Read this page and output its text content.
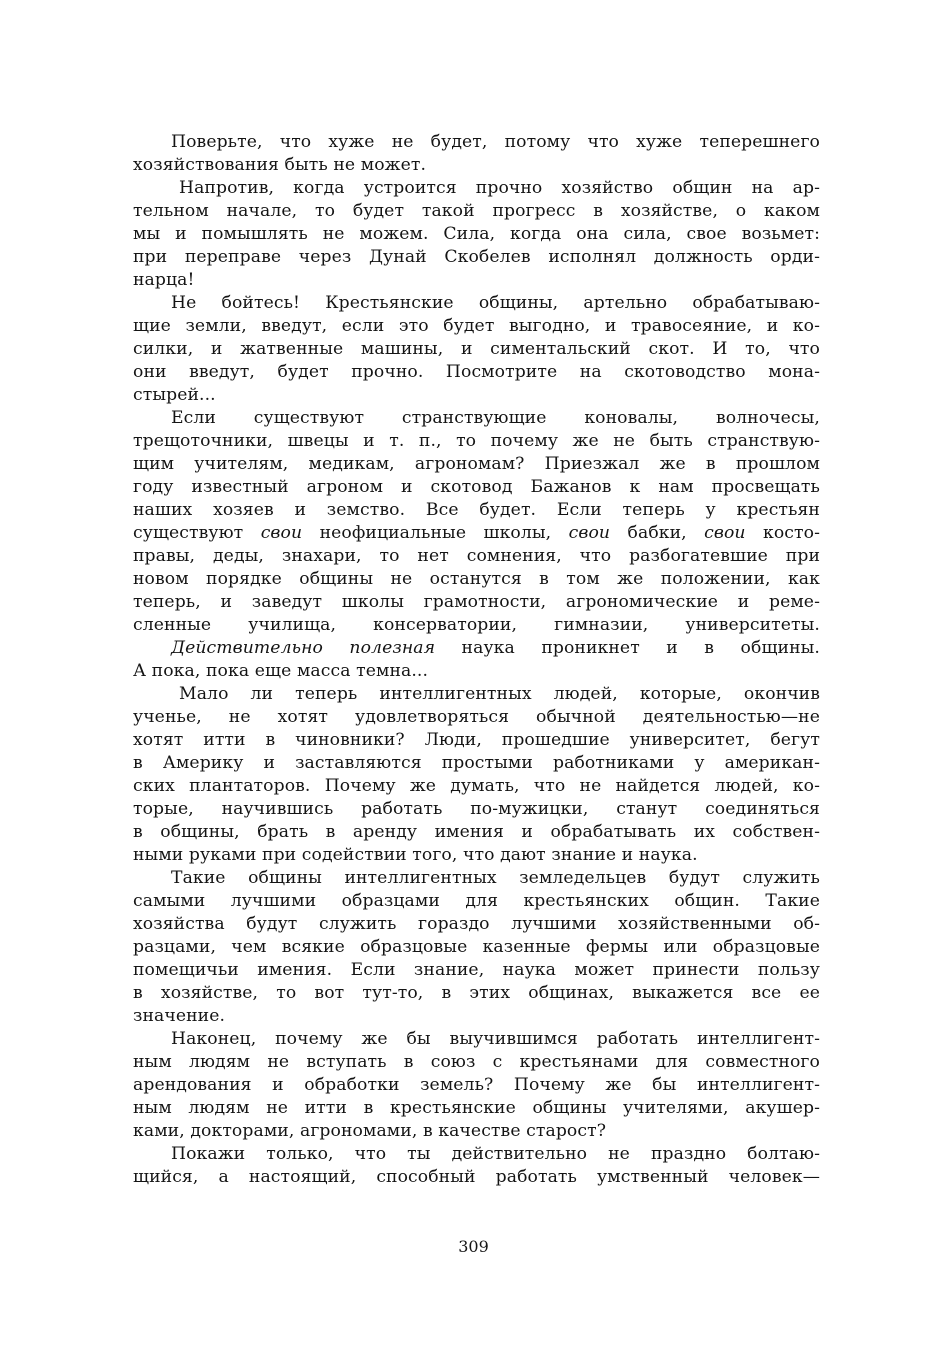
Поверьте, что хуже не будет, потому что хуже теперешнего
хозяйствования быть не может.
Напротив, когда устроится прочно хозяйство общин на ар-
тельном начале, то будет такой прогресс в хозяйстве, о каком
мы и помышлять не можем. Сила, когда она сила, свое возьмет:
при переправе через Дунай Скобелев исполнял должность орди-
нарца!
Не бойтесь! Крестьянские общины, артельно обрабатываю-
щие земли, введут, если это будет выгодно, и травосеяние, и ко-
силки, и жатвенные машины, и симентальский скот. И то, что
они введут, будет прочно. Посмотрите на скотоводство мона-
стырей...
Если существуют странствующие коновалы, волночесы,
трещоточники, швецы и т. п., то почему же не быть странствую-
щим учителям, медикам, агрономам? Приезжал же в прошлом
году известный агроном и скотовод Бажанов к нам просвещать
наших хозяев и земство. Все будет. Если теперь у крестьян
существуют свои неофициальные школы, свои бабки, свои косто-
правы, деды, знахари, то нет сомнения, что разбогатевшие при
новом порядке общины не останутся в том же положении, как
теперь, и заведут школы грамотности, агрономические и реме-
сленные училища, консерватории, гимназии, университеты.
Действительно полезная наука проникнет и в общины.
А пока, пока еще масса темна...
Мало ли теперь интеллигентных людей, которые, окончив
ученье, не хотят удовлетворяться обычной деятельностью—не
хотят итти в чиновники? Люди, прошедшие университет, бегут
в Америку и заставляются простыми работниками у американ-
ских плантаторов. Почему же думать, что не найдется людей, ко-
торые, научившись работать по-мужицки, станут соединяться
в общины, брать в аренду имения и обрабатывать их собствен-
ными руками при содействии того, что дают знание и наука.
Такие общины интеллигентных земледельцев будут служить
самыми лучшими образцами для крестьянских общин. Такие
хозяйства будут служить гораздо лучшими хозяйственными об-
разцами, чем всякие образцовые казенные фермы или образцовые
помещичьи имения. Если знание, наука может принести пользу
в хозяйстве, то вот тут-то, в этих общинах, выкажется все ее
значение.
Наконец, почему же бы выучившимся работать интеллигент-
ным людям не вступать в союз с крестьянами для совместного
арендования и обработки земель? Почему же бы интеллигент-
ным людям не итти в крестьянские общины учителями, акушер-
ками, докторами, агрономами, в качестве старост?
Покажи только, что ты действительно не праздно болтаю-
щийся, а настоящий, способный работать умственный человек—
309
